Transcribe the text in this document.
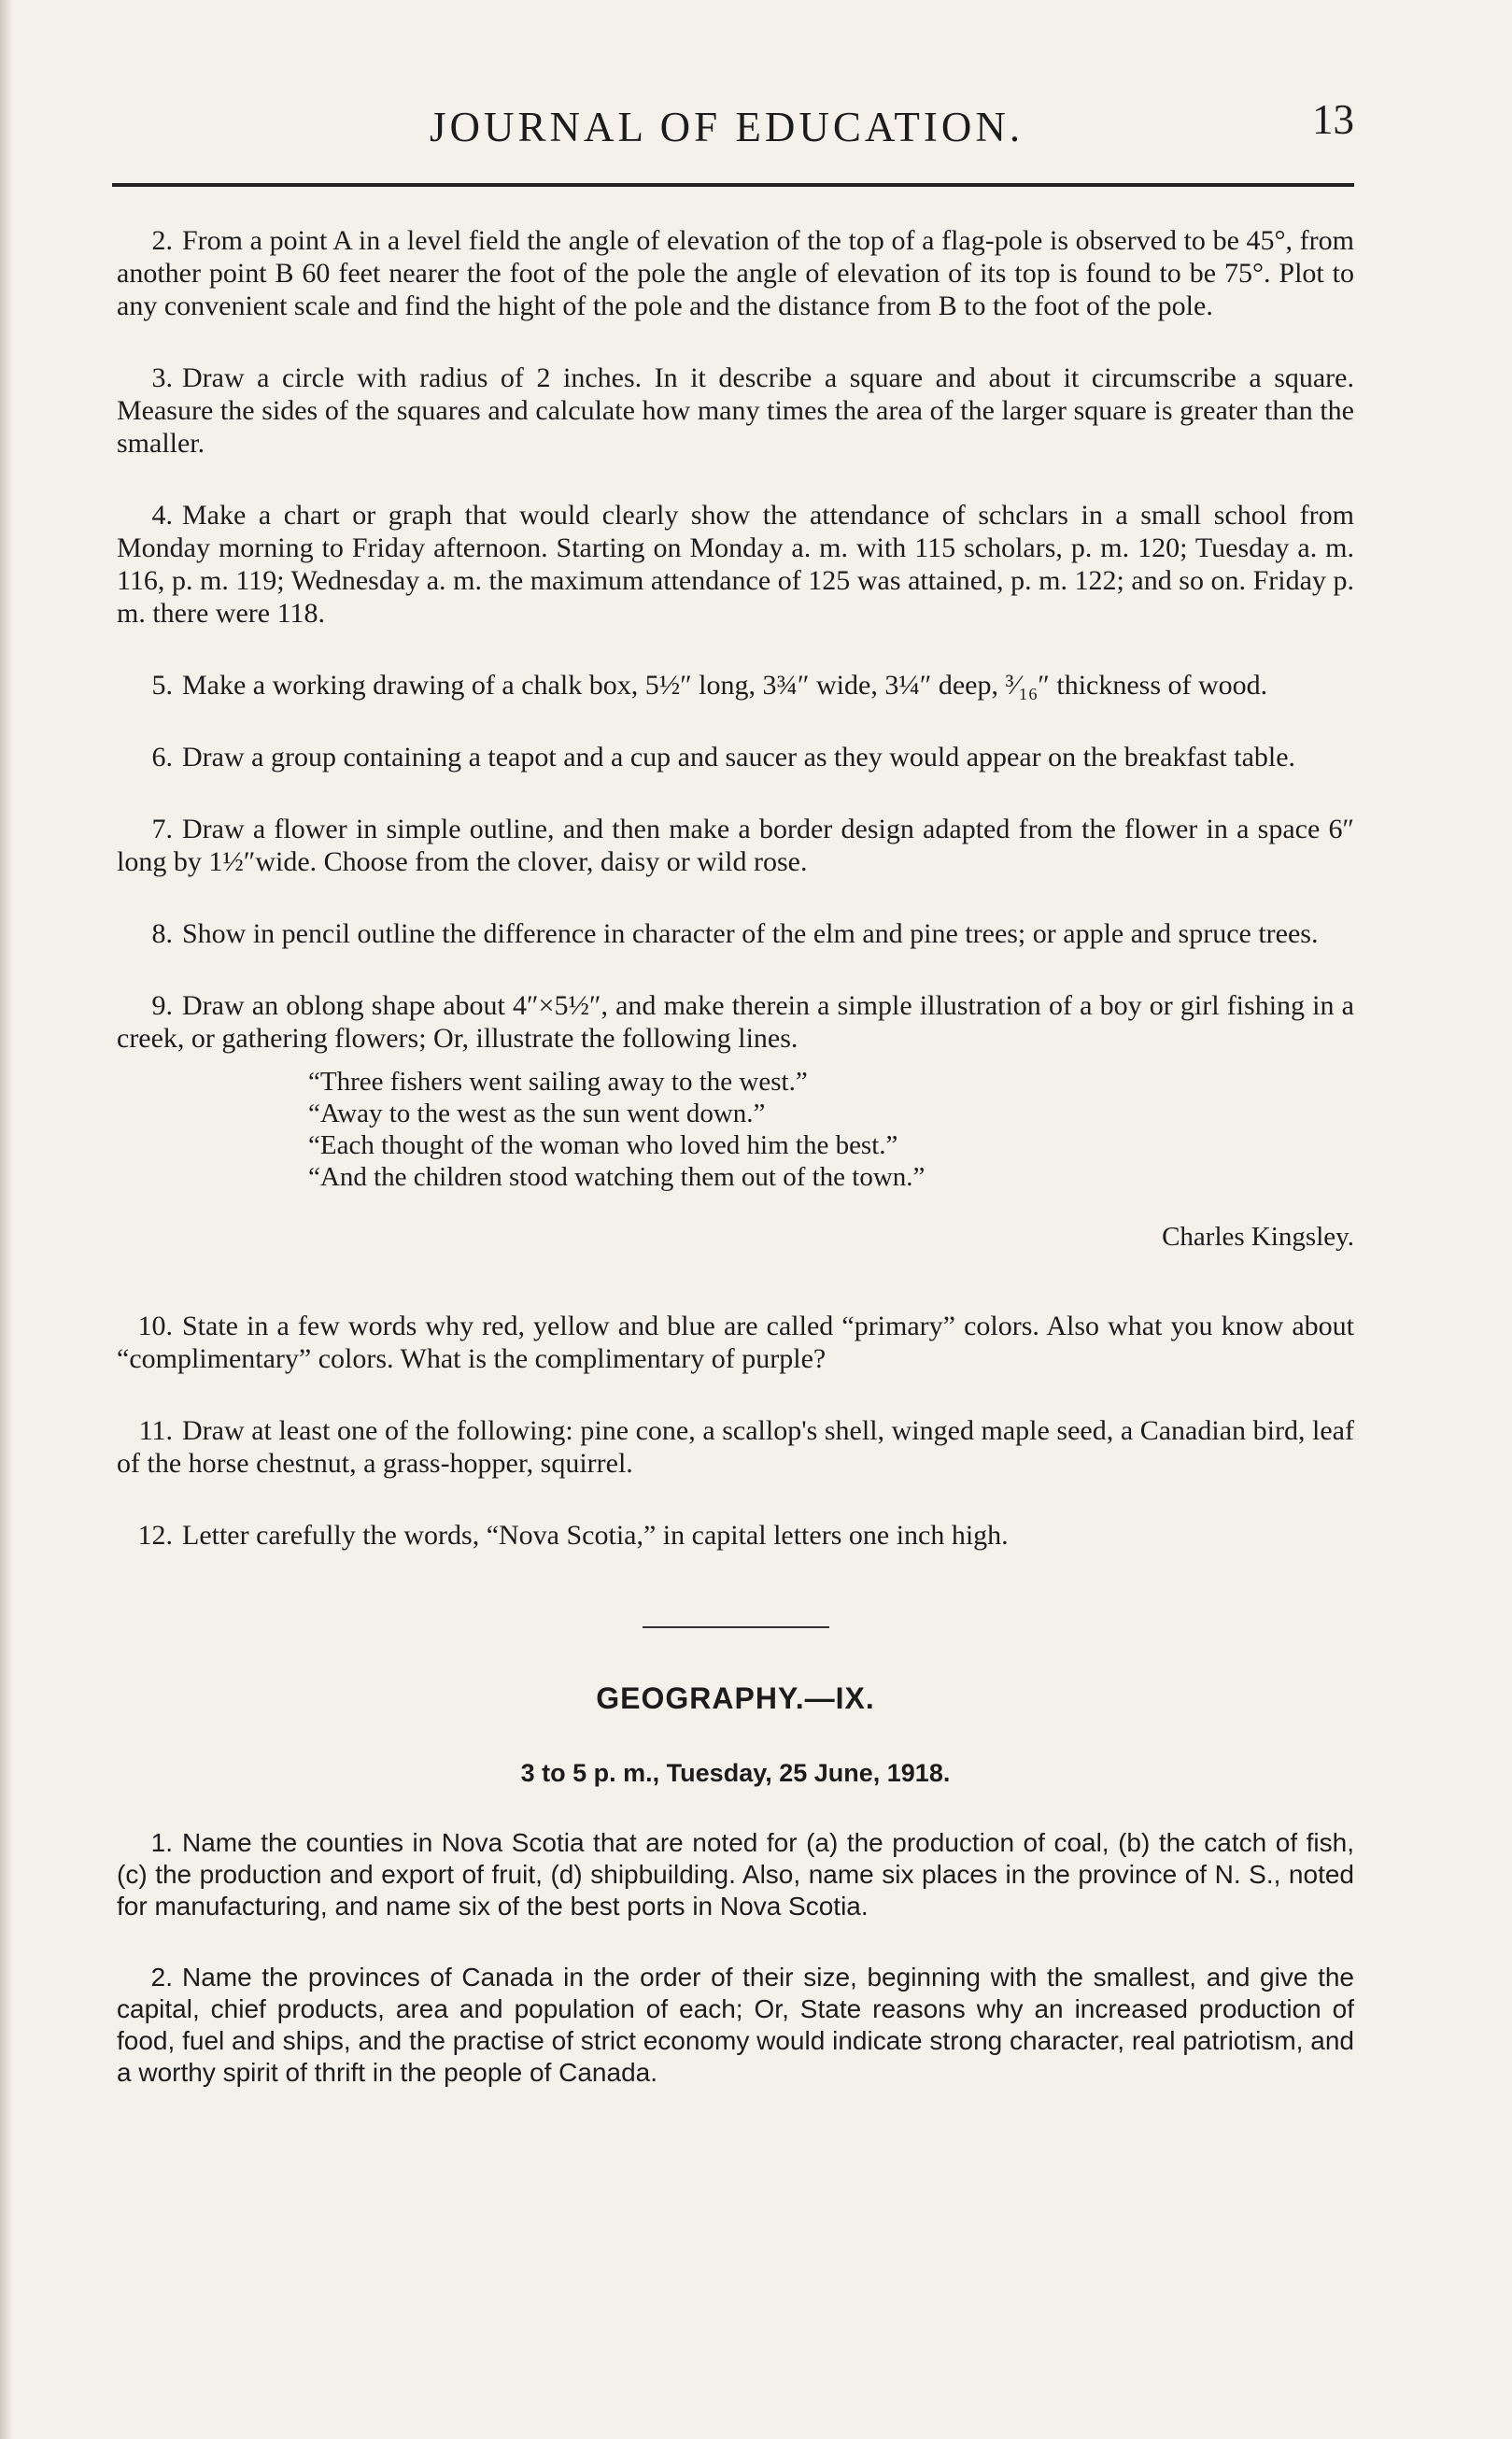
JOURNAL OF EDUCATION.	13

2. From a point A in a level field the angle of elevation of the top of a flag-pole is observed to be 45°, from another point B 60 feet nearer the foot of the pole the angle of elevation of its top is found to be 75°. Plot to any convenient scale and find the hight of the pole and the distance from B to the foot of the pole.

3. Draw a circle with radius of 2 inches. In it describe a square and about it circumscribe a square. Measure the sides of the squares and calculate how many times the area of the larger square is greater than the smaller.

4. Make a chart or graph that would clearly show the attendance of schclars in a small school from Monday morning to Friday afternoon. Starting on Monday a. m. with 115 scholars, p. m. 120; Tuesday a. m. 116, p. m. 119; Wednesday a. m. the maximum attendance of 125 was attained, p. m. 122; and so on. Friday p. m. there were 118.

5. Make a working drawing of a chalk box, 5½″ long, 3¾″ wide, 3¼″ deep, ³⁄₁₆″ thickness of wood.

6. Draw a group containing a teapot and a cup and saucer as they would appear on the breakfast table.

7. Draw a flower in simple outline, and then make a border design adapted from the flower in a space 6″ long by 1½″wide. Choose from the clover, daisy or wild rose.

8. Show in pencil outline the difference in character of the elm and pine trees; or apple and spruce trees.

9. Draw an oblong shape about 4″×5½″, and make therein a simple illustration of a boy or girl fishing in a creek, or gathering flowers; Or, illustrate the following lines.

“Three fishers went sailing away to the west.”
“Away to the west as the sun went down.”
“Each thought of the woman who loved him the best.”
“And the children stood watching them out of the town.”
Charles Kingsley.

10. State in a few words why red, yellow and blue are called “primary” colors. Also what you know about “complimentary” colors. What is the complimentary of purple?

11. Draw at least one of the following: pine cone, a scallop's shell, winged maple seed, a Canadian bird, leaf of the horse chestnut, a grass-hopper, squirrel.

12. Letter carefully the words, “Nova Scotia,” in capital letters one inch high.

GEOGRAPHY.—IX.
3 to 5 p. m., Tuesday, 25 June, 1918.

1. Name the counties in Nova Scotia that are noted for (a) the production of coal, (b) the catch of fish, (c) the production and export of fruit, (d) shipbuilding. Also, name six places in the province of N. S., noted for manufacturing, and name six of the best ports in Nova Scotia.

2. Name the provinces of Canada in the order of their size, beginning with the smallest, and give the capital, chief products, area and population of each; Or, State reasons why an increased production of food, fuel and ships, and the practise of strict economy would indicate strong character, real patriotism, and a worthy spirit of thrift in the people of Canada.
